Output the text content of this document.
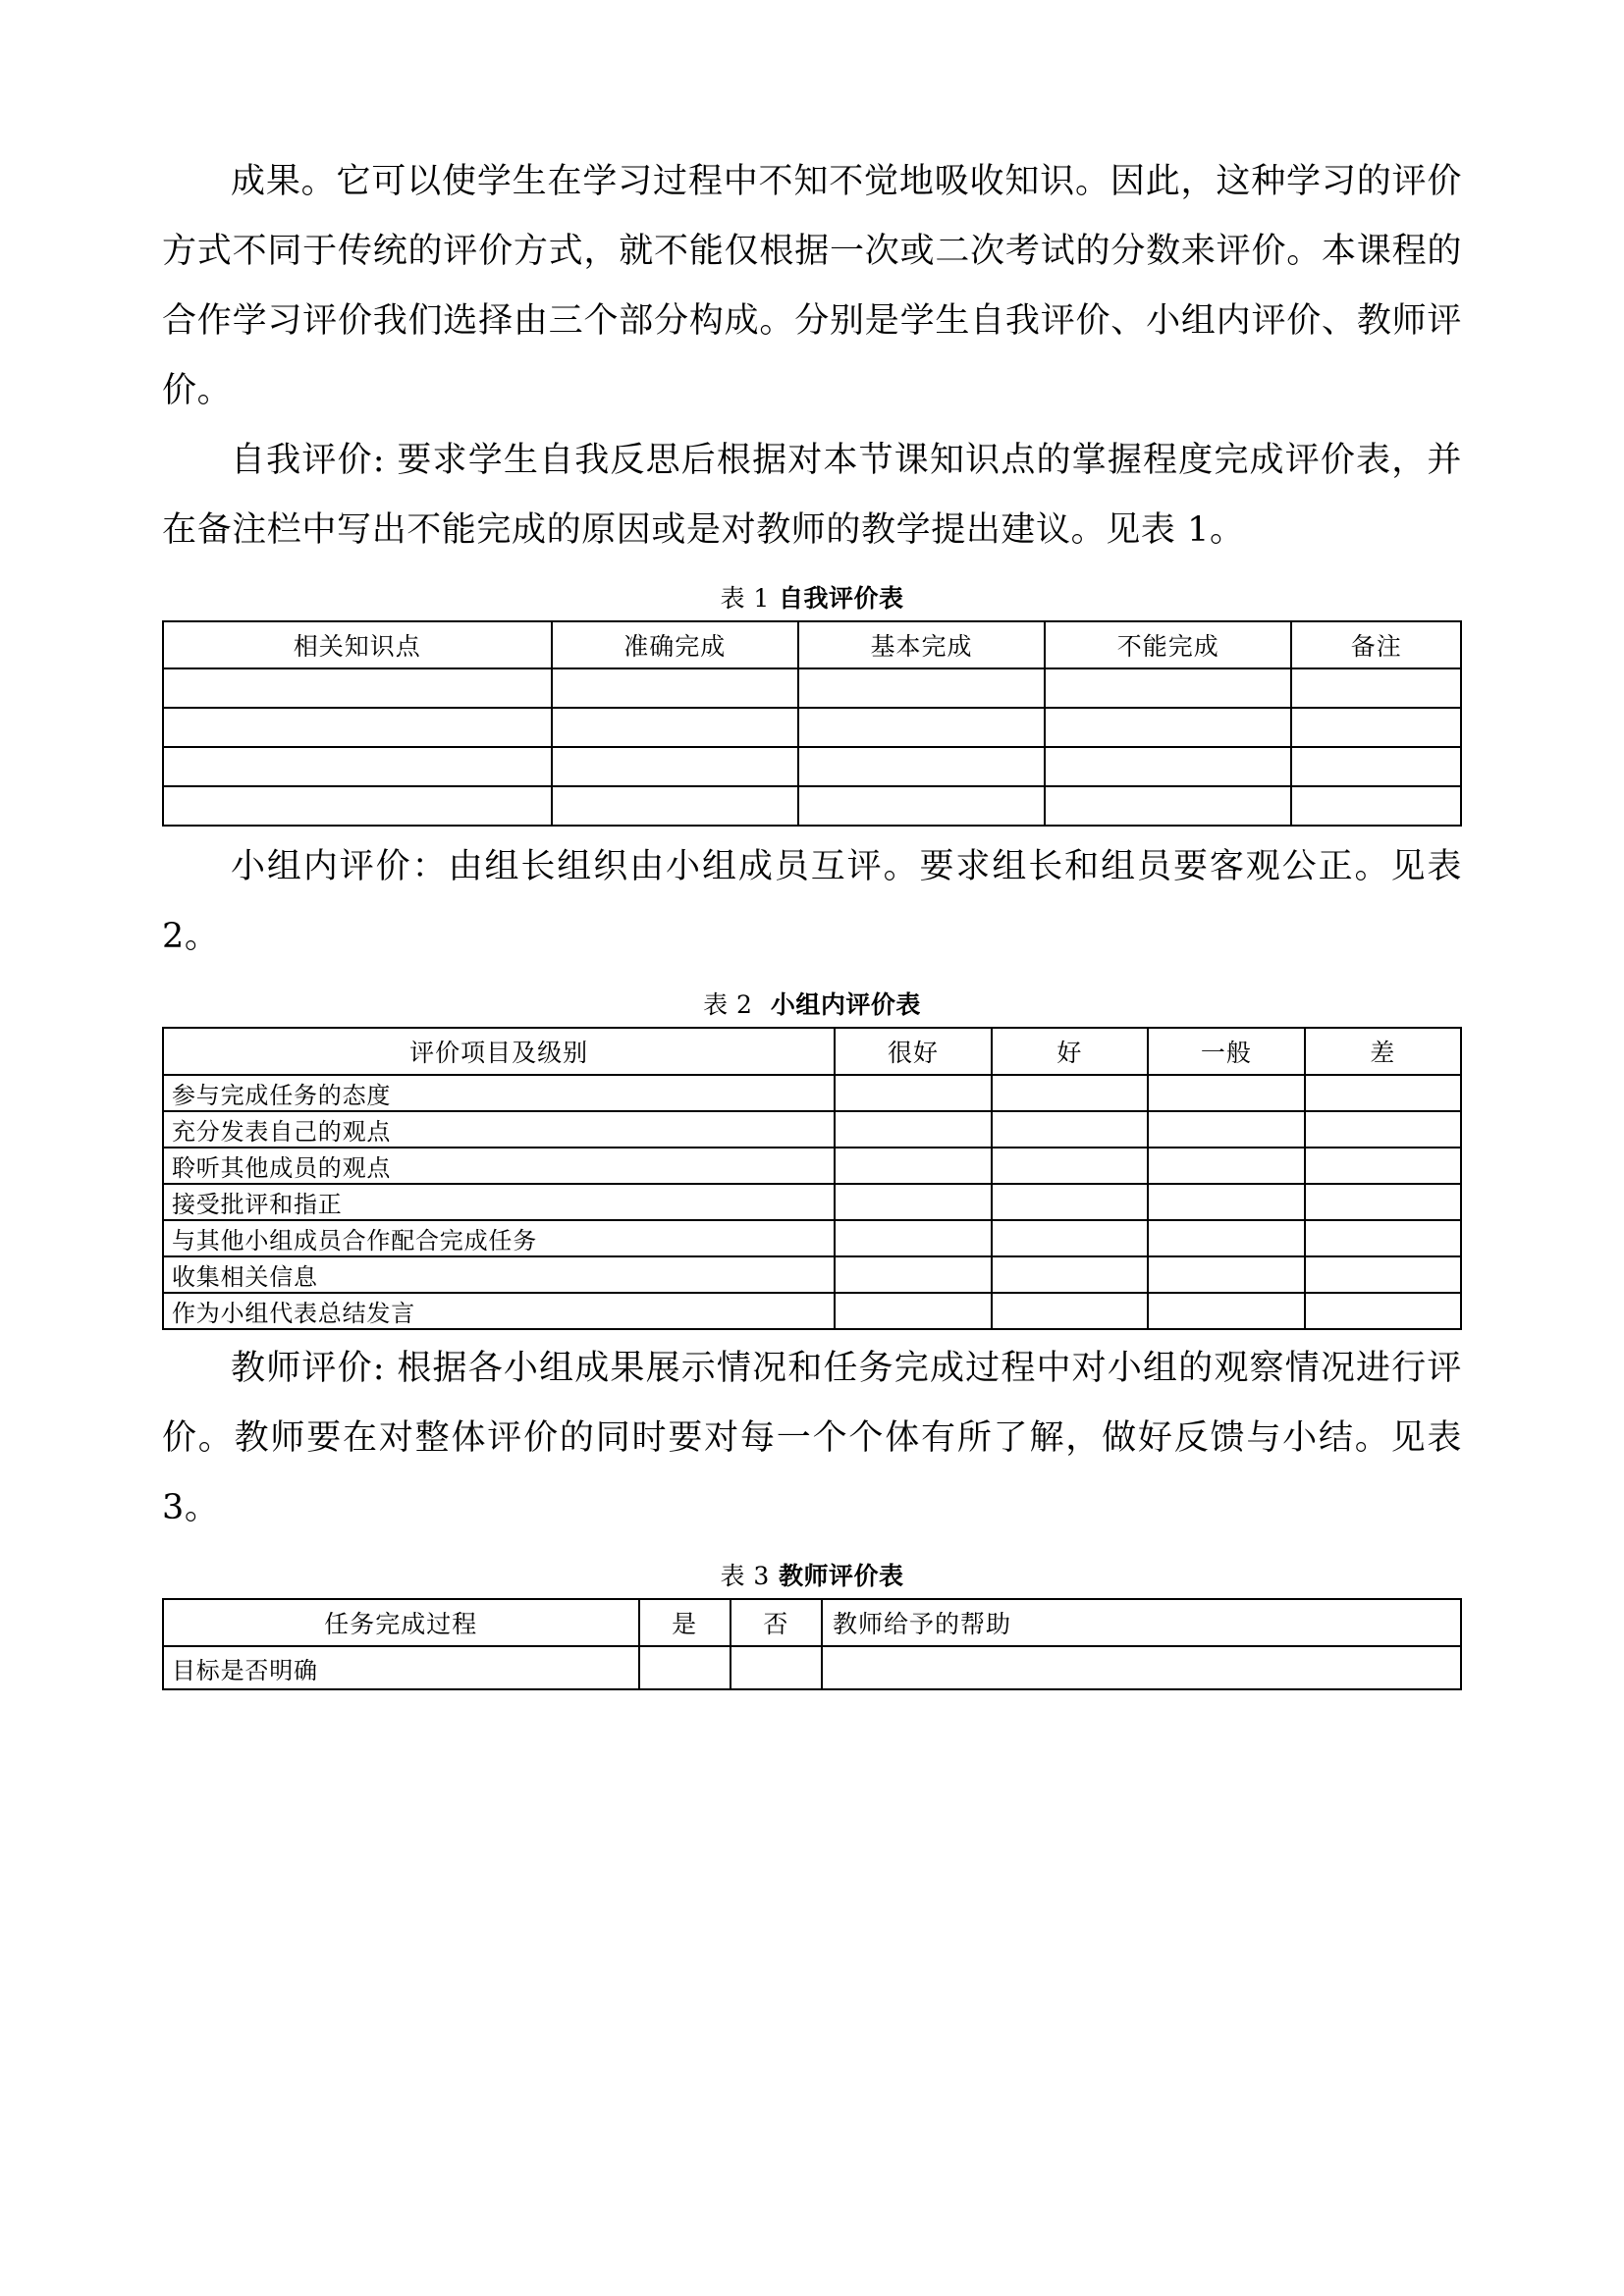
成果。它可以使学生在学习过程中不知不觉地吸收知识。因此，这种学习的评价方式不同于传统的评价方式，就不能仅根据一次或二次考试的分数来评价。本课程的合作学习评价我们选择由三个部分构成。分别是学生自我评价、小组内评价、教师评价。

自我评价: 要求学生自我反思后根据对本节课知识点的掌握程度完成评价表，并在备注栏中写出不能完成的原因或是对教师的教学提出建议。见表 1。

表 1 自我评价表
相关知识点	准确完成	基本完成	不能完成	备注

小组内评价：由组长组织由小组成员互评。要求组长和组员要客观公正。见表 2。

表 2 小组内评价表
评价项目及级别	很好	好	一般	差
参与完成任务的态度				
充分发表自己的观点				
聆听其他成员的观点				
接受批评和指正				
与其他小组成员合作配合完成任务				
收集相关信息				
作为小组代表总结发言				

教师评价: 根据各小组成果展示情况和任务完成过程中对小组的观察情况进行评价。教师要在对整体评价的同时要对每一个个体有所了解，做好反馈与小结。见表 3。

表 3 教师评价表
任务完成过程	是	否	教师给予的帮助
目标是否明确			
